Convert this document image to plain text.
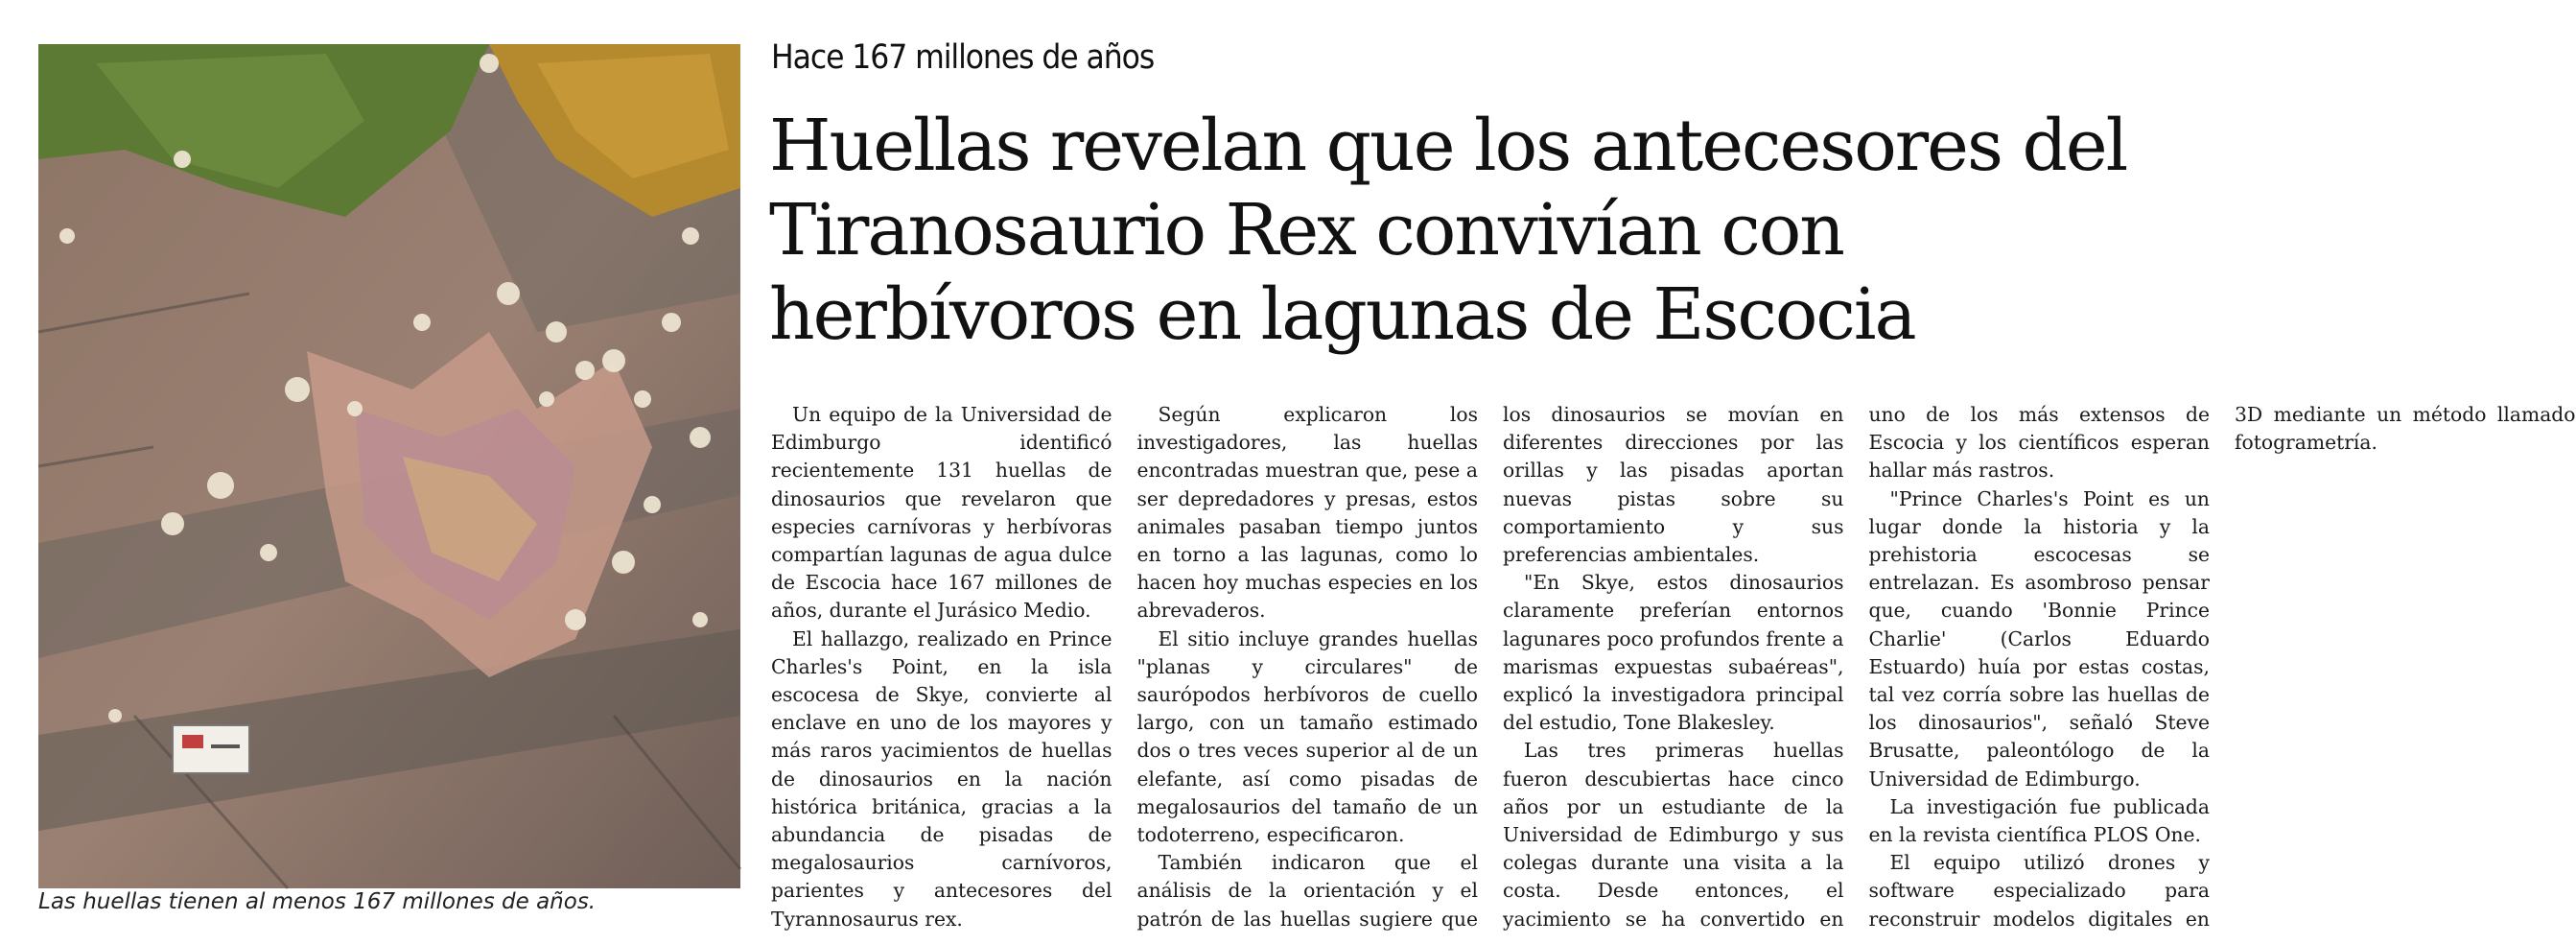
Las huellas tienen al menos 167 millones de años.
Hace 167 millones de años
Huellas revelan que los antecesores del Tiranosaurio Rex convivían con herbívoros en lagunas de Escocia

Un equipo de la Universidad de Edimburgo identificó recientemente 131 huellas de dinosaurios que revelaron que especies carnívoras y herbívoras compartían lagunas de agua dulce de Escocia hace 167 millones de años, durante el Jurásico Medio.

El hallazgo, realizado en Prince Charles's Point, en la isla escocesa de Skye, convierte al enclave en uno de los mayores y más raros yacimientos de huellas de dinosaurios en la nación histórica británica, gracias a la abundancia de pisadas de megalosaurios carnívoros, parientes y antecesores del Tyrannosaurus rex.

Según explicaron los investigadores, las huellas encontradas muestran que, pese a ser depredadores y presas, estos animales pasaban tiempo juntos en torno a las lagunas, como lo hacen hoy muchas especies en los abrevaderos.

El sitio incluye grandes huellas "planas y circulares" de saurópodos herbívoros de cuello largo, con un tamaño estimado dos o tres veces superior al de un elefante, así como pisadas de megalosaurios del tamaño de un todoterreno, especificaron.

También indicaron que el análisis de la orientación y el patrón de las huellas sugiere que los dinosaurios se movían en diferentes direcciones por las orillas y las pisadas aportan nuevas pistas sobre su comportamiento y sus preferencias ambientales.

"En Skye, estos dinosaurios claramente preferían entornos lagunares poco profundos frente a marismas expuestas subaéreas", explicó la investigadora principal del estudio, Tone Blakesley.

Las tres primeras huellas fueron descubiertas hace cinco años por un estudiante de la Universidad de Edimburgo y sus colegas durante una visita a la costa. Desde entonces, el yacimiento se ha convertido en uno de los más extensos de Escocia y los científicos esperan hallar más rastros.

"Prince Charles's Point es un lugar donde la historia y la prehistoria escocesas se entrelazan. Es asombroso pensar que, cuando 'Bonnie Prince Charlie' (Carlos Eduardo Estuardo) huía por estas costas, tal vez corría sobre las huellas de los dinosaurios", señaló Steve Brusatte, paleontólogo de la Universidad de Edimburgo.

La investigación fue publicada en la revista científica PLOS One.

El equipo utilizó drones y software especializado para reconstruir modelos digitales en 3D mediante un método llamado fotogrametría.
